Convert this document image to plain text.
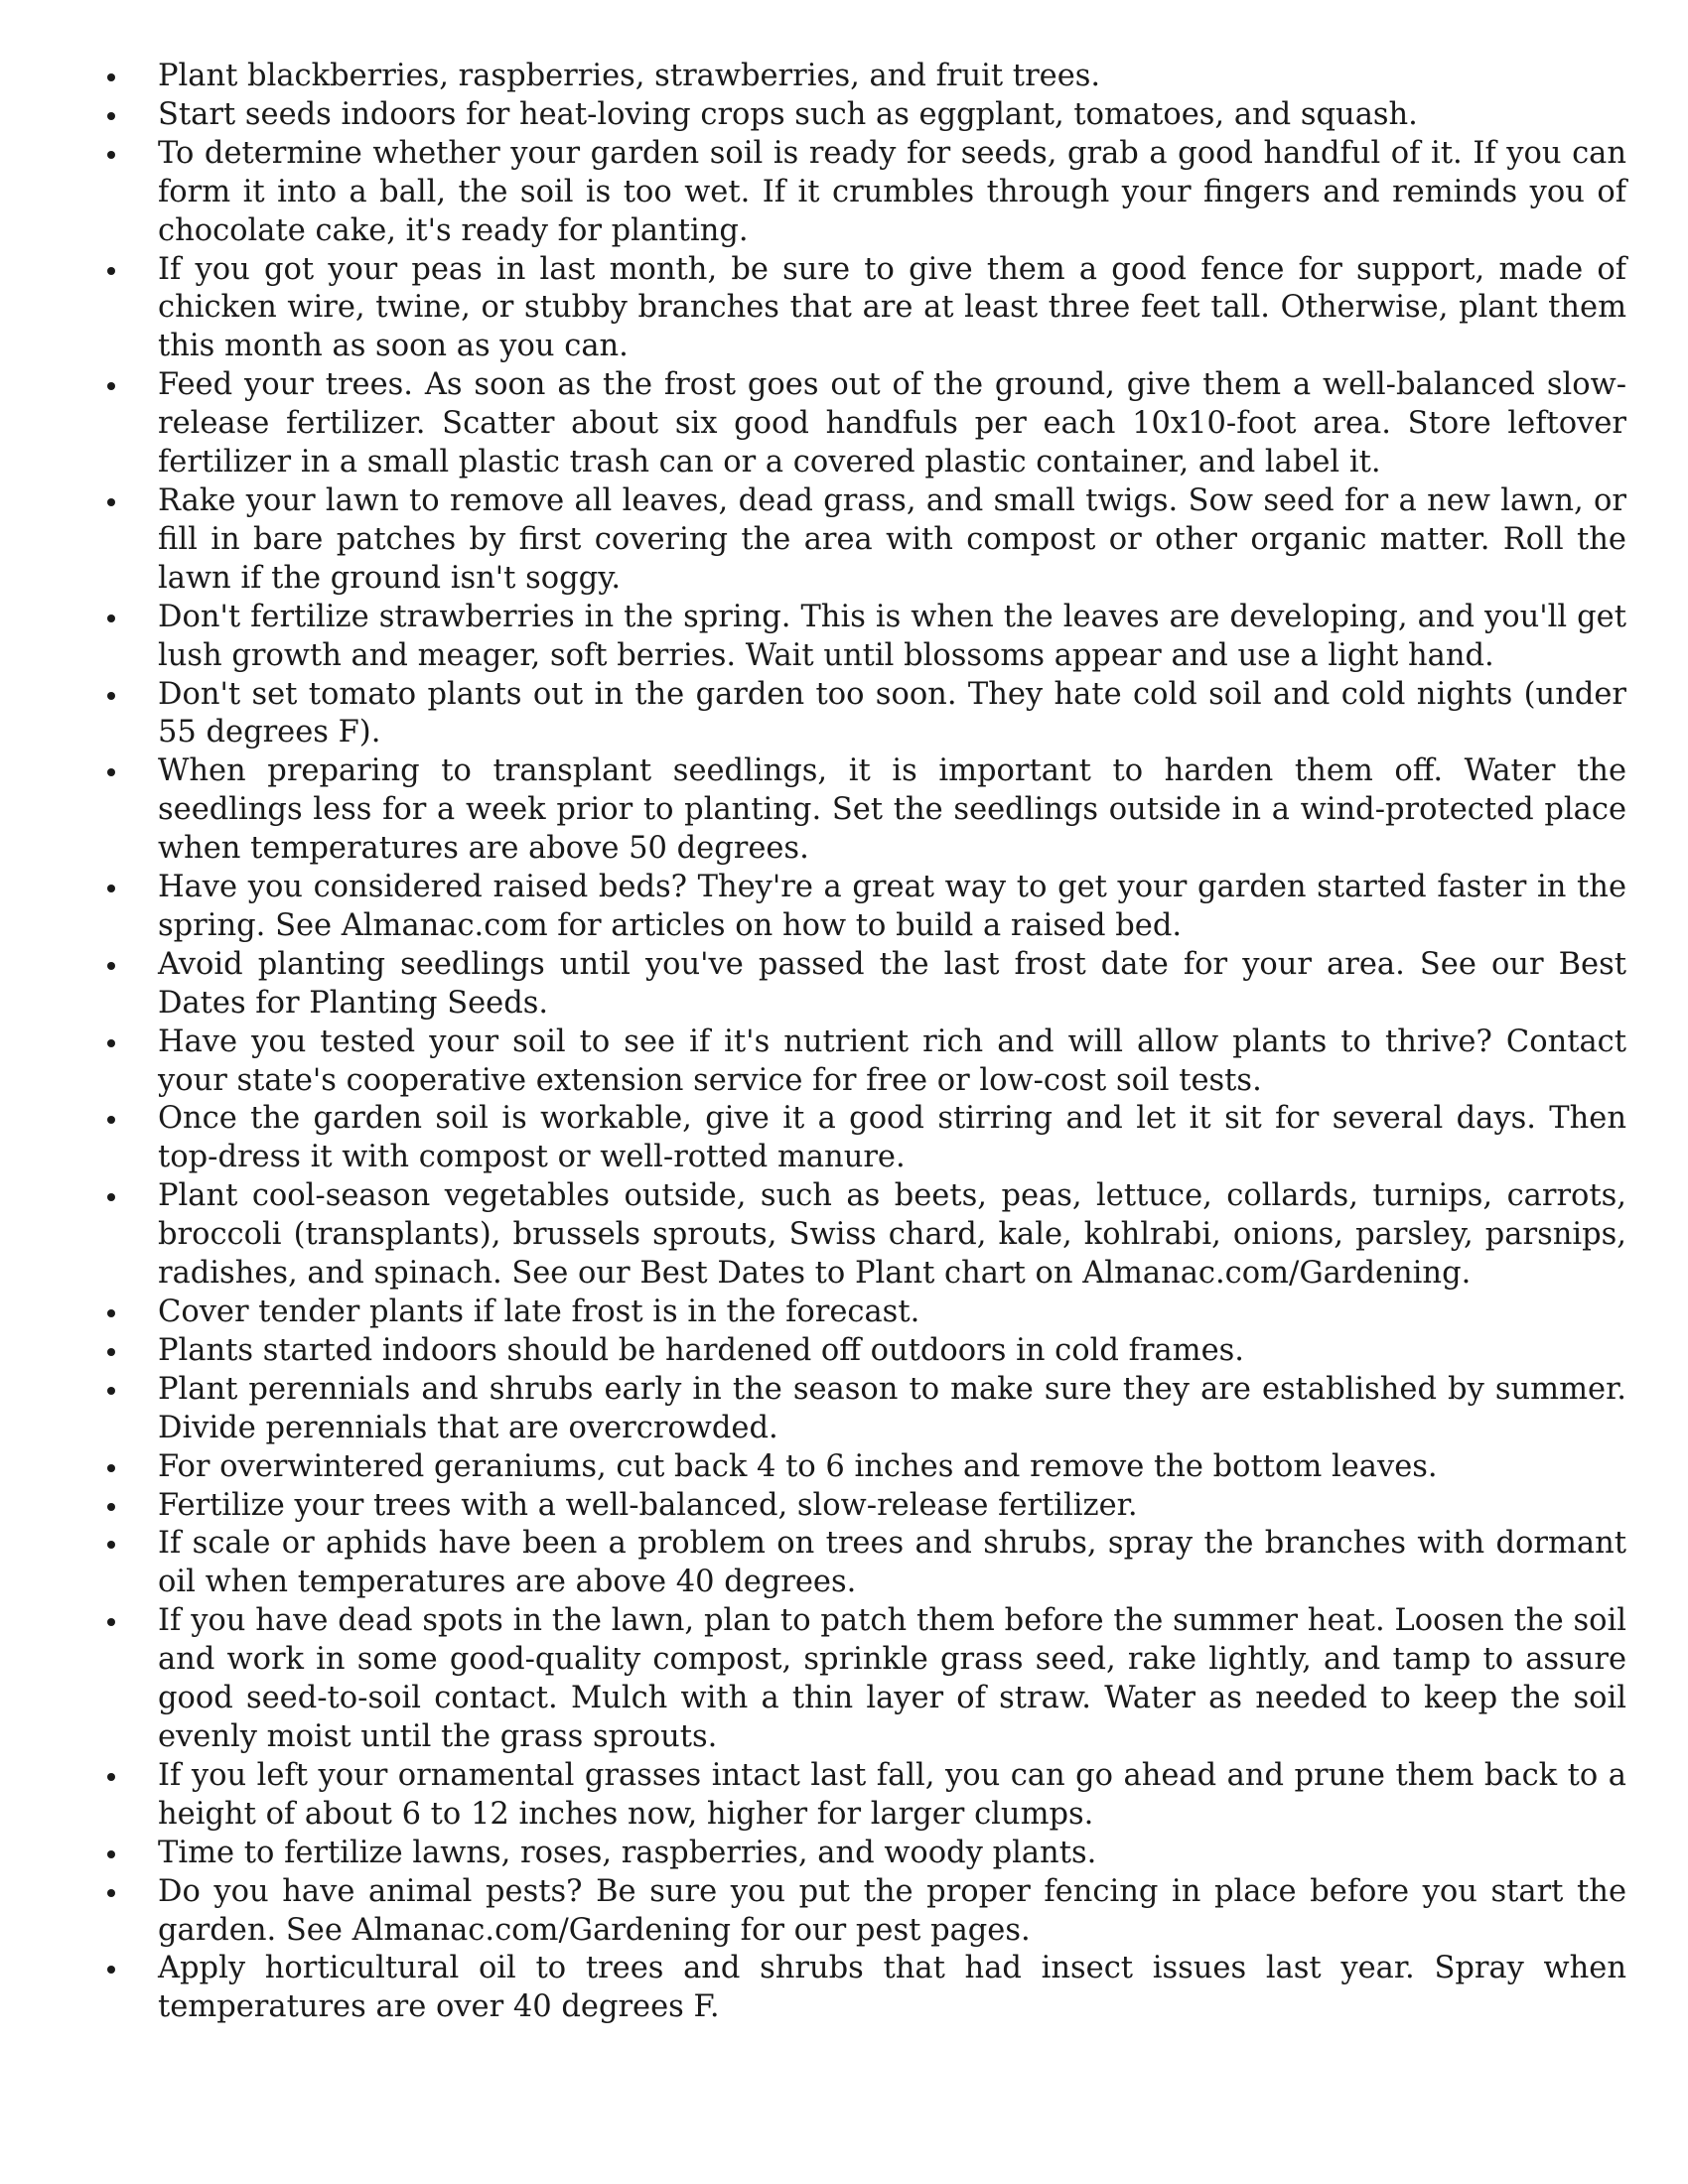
Plant blackberries, raspberries, strawberries, and fruit trees.
Start seeds indoors for heat-loving crops such as eggplant, tomatoes, and squash.
To determine whether your garden soil is ready for seeds, grab a good handful of it. If you can form it into a ball, the soil is too wet. If it crumbles through your fingers and reminds you of chocolate cake, it's ready for planting.
If you got your peas in last month, be sure to give them a good fence for support, made of chicken wire, twine, or stubby branches that are at least three feet tall. Otherwise, plant them this month as soon as you can.
Feed your trees. As soon as the frost goes out of the ground, give them a well-balanced slow-release fertilizer. Scatter about six good handfuls per each 10x10-foot area. Store leftover fertilizer in a small plastic trash can or a covered plastic container, and label it.
Rake your lawn to remove all leaves, dead grass, and small twigs. Sow seed for a new lawn, or fill in bare patches by first covering the area with compost or other organic matter. Roll the lawn if the ground isn't soggy.
Don't fertilize strawberries in the spring. This is when the leaves are developing, and you'll get lush growth and meager, soft berries. Wait until blossoms appear and use a light hand.
Don't set tomato plants out in the garden too soon. They hate cold soil and cold nights (under 55 degrees F).
When preparing to transplant seedlings, it is important to harden them off. Water the seedlings less for a week prior to planting. Set the seedlings outside in a wind-protected place when temperatures are above 50 degrees.
Have you considered raised beds? They're a great way to get your garden started faster in the spring. See Almanac.com for articles on how to build a raised bed.
Avoid planting seedlings until you've passed the last frost date for your area. See our Best Dates for Planting Seeds.
Have you tested your soil to see if it's nutrient rich and will allow plants to thrive? Contact your state's cooperative extension service for free or low-cost soil tests.
Once the garden soil is workable, give it a good stirring and let it sit for several days. Then top-dress it with compost or well-rotted manure.
Plant cool-season vegetables outside, such as beets, peas, lettuce, collards, turnips, carrots, broccoli (transplants), brussels sprouts, Swiss chard, kale, kohlrabi, onions, parsley, parsnips, radishes, and spinach. See our Best Dates to Plant chart on Almanac.com/Gardening.
Cover tender plants if late frost is in the forecast.
Plants started indoors should be hardened off outdoors in cold frames.
Plant perennials and shrubs early in the season to make sure they are established by summer. Divide perennials that are overcrowded.
For overwintered geraniums, cut back 4 to 6 inches and remove the bottom leaves.
Fertilize your trees with a well-balanced, slow-release fertilizer.
If scale or aphids have been a problem on trees and shrubs, spray the branches with dormant oil when temperatures are above 40 degrees.
If you have dead spots in the lawn, plan to patch them before the summer heat. Loosen the soil and work in some good-quality compost, sprinkle grass seed, rake lightly, and tamp to assure good seed-to-soil contact. Mulch with a thin layer of straw. Water as needed to keep the soil evenly moist until the grass sprouts.
If you left your ornamental grasses intact last fall, you can go ahead and prune them back to a height of about 6 to 12 inches now, higher for larger clumps.
Time to fertilize lawns, roses, raspberries, and woody plants.
Do you have animal pests? Be sure you put the proper fencing in place before you start the garden. See Almanac.com/Gardening for our pest pages.
Apply horticultural oil to trees and shrubs that had insect issues last year. Spray when temperatures are over 40 degrees F.
